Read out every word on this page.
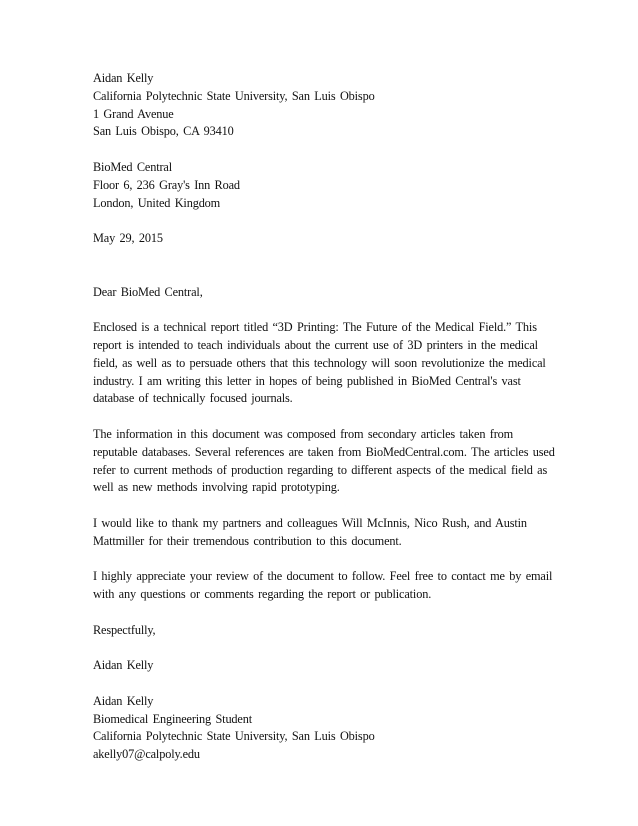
Aidan Kelly
California Polytechnic State University, San Luis Obispo
1 Grand Avenue
San Luis Obispo, CA 93410
BioMed Central
Floor 6, 236 Gray's Inn Road
London, United Kingdom
May 29, 2015
Dear BioMed Central,
Enclosed is a technical report titled “3D Printing: The Future of the Medical Field.” This
report is intended to teach individuals about the current use of 3D printers in the medical
field, as well as to persuade others that this technology will soon revolutionize the medical
industry. I am writing this letter in hopes of being published in BioMed Central's vast
database of technically focused journals.
The information in this document was composed from secondary articles taken from
reputable databases. Several references are taken from BioMedCentral.com. The articles used
refer to current methods of production regarding to different aspects of the medical field as
well as new methods involving rapid prototyping.
I would like to thank my partners and colleagues Will McInnis, Nico Rush, and Austin
Mattmiller for their tremendous contribution to this document.
I highly appreciate your review of the document to follow. Feel free to contact me by email
with any questions or comments regarding the report or publication.
Respectfully,
Aidan Kelly
Aidan Kelly
Biomedical Engineering Student
California Polytechnic State University, San Luis Obispo
akelly07@calpoly.edu
